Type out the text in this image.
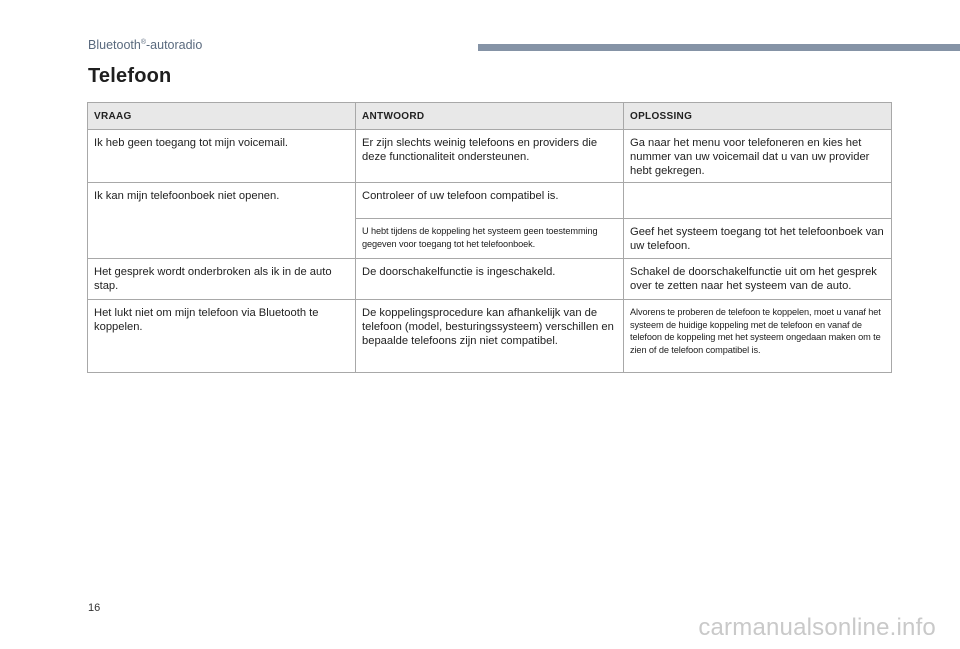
Bluetooth®-autoradio
Telefoon
VRAAG	ANTWOORD	OPLOSSING
Ik heb geen toegang tot mijn voicemail.	Er zijn slechts weinig telefoons en providers die deze functionaliteit ondersteunen.	Ga naar het menu voor telefoneren en kies het nummer van uw voicemail dat u van uw provider hebt gekregen.
Ik kan mijn telefoonboek niet openen.	Controleer of uw telefoon compatibel is.	
	U hebt tijdens de koppeling het systeem geen toestemming gegeven voor toegang tot het telefoonboek.	Geef het systeem toegang tot het telefoonboek van uw telefoon.
Het gesprek wordt onderbroken als ik in de auto stap.	De doorschakelfunctie is ingeschakeld.	Schakel de doorschakelfunctie uit om het gesprek over te zetten naar het systeem van de auto.
Het lukt niet om mijn telefoon via Bluetooth te koppelen.	De koppelingsprocedure kan afhankelijk van de telefoon (model, besturingssysteem) verschillen en bepaalde telefoons zijn niet compatibel.	Alvorens te proberen de telefoon te koppelen, moet u vanaf het systeem de huidige koppeling met de telefoon en vanaf de telefoon de koppeling met het systeem ongedaan maken om te zien of de telefoon compatibel is.
16
carmanualsonline.info
